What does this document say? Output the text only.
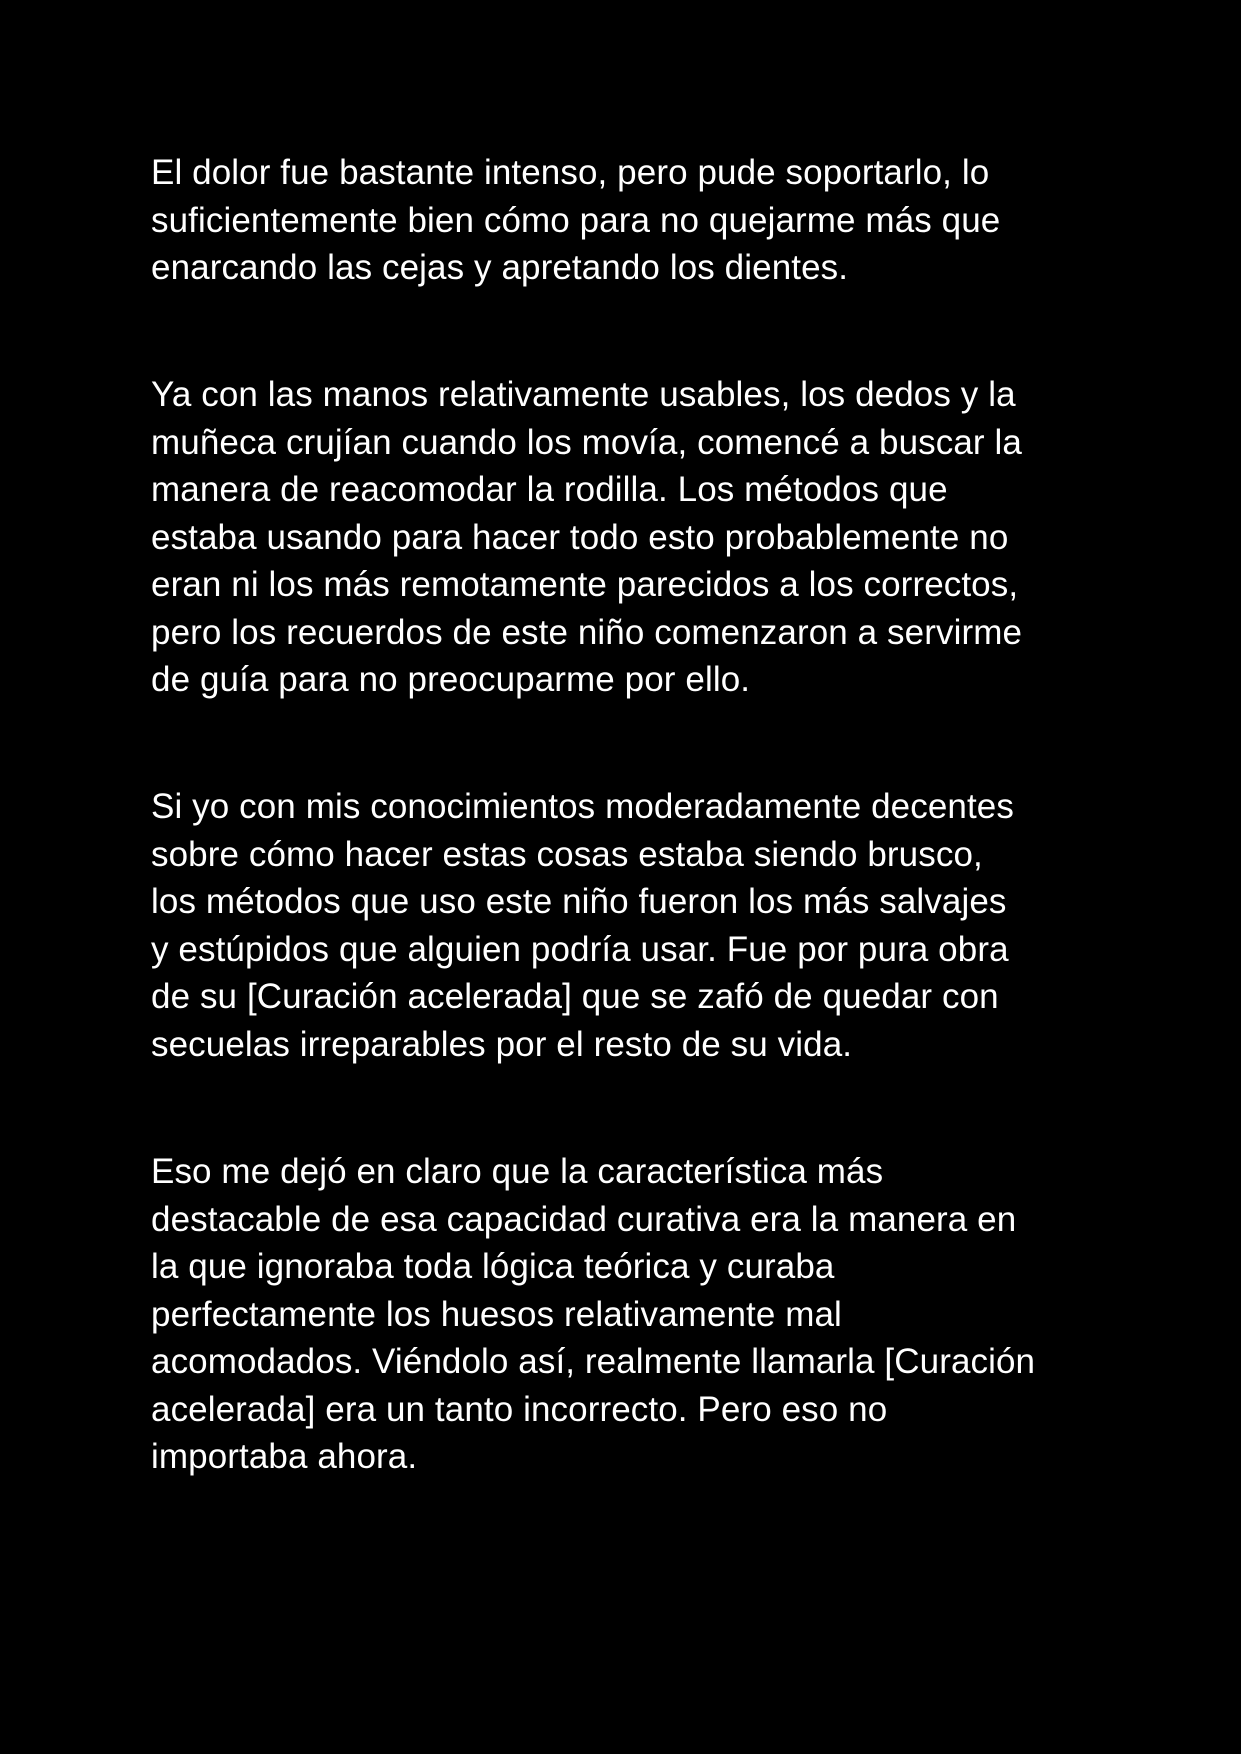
El dolor fue bastante intenso, pero pude soportarlo, lo
suficientemente bien cómo para no quejarme más que
enarcando las cejas y apretando los dientes.
Ya con las manos relativamente usables, los dedos y la
muñeca crujían cuando los movía, comencé a buscar la
manera de reacomodar la rodilla. Los métodos que
estaba usando para hacer todo esto probablemente no
eran ni los más remotamente parecidos a los correctos,
pero los recuerdos de este niño comenzaron a servirme
de guía para no preocuparme por ello.
Si yo con mis conocimientos moderadamente decentes
sobre cómo hacer estas cosas estaba siendo brusco,
los métodos que uso este niño fueron los más salvajes
y estúpidos que alguien podría usar. Fue por pura obra
de su [Curación acelerada] que se zafó de quedar con
secuelas irreparables por el resto de su vida.
Eso me dejó en claro que la característica más
destacable de esa capacidad curativa era la manera en
la que ignoraba toda lógica teórica y curaba
perfectamente los huesos relativamente mal
acomodados. Viéndolo así, realmente llamarla [Curación
acelerada] era un tanto incorrecto. Pero eso no
importaba ahora.
